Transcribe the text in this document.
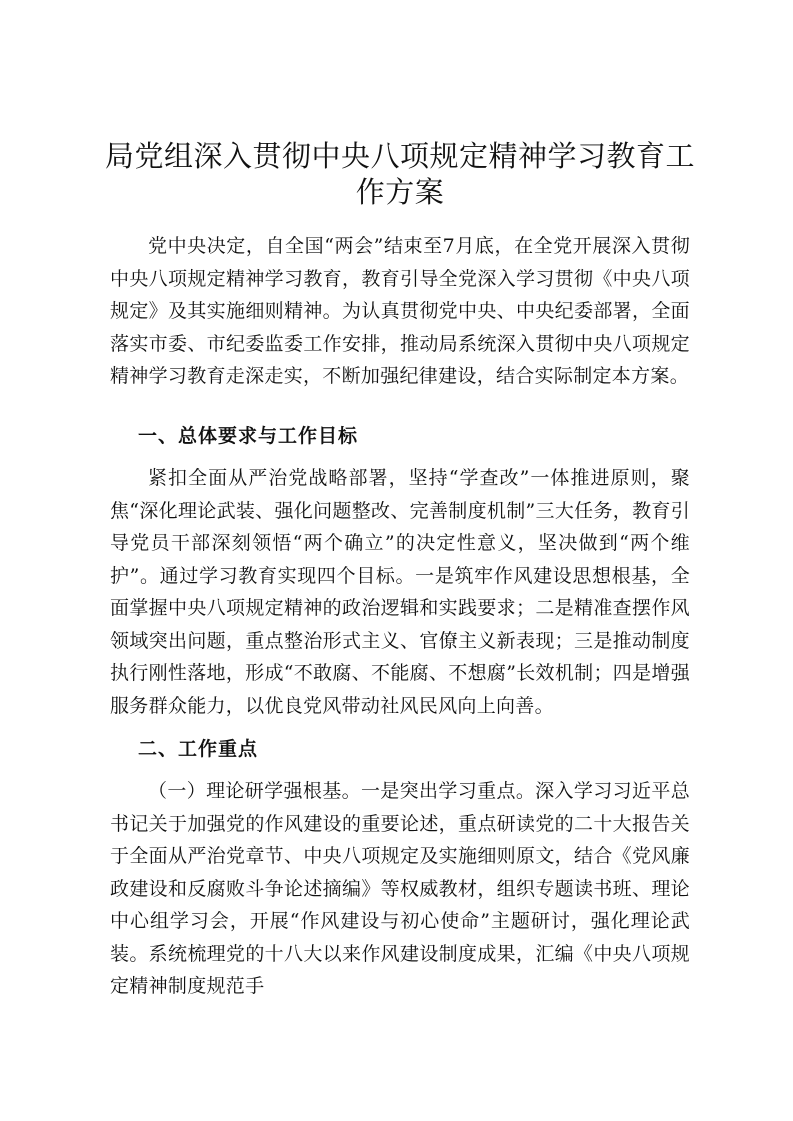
局党组深入贯彻中央八项规定精神学习教育工作方案

党中央决定，自全国“两会”结束至7月底，在全党开展深入贯彻中央八项规定精神学习教育，教育引导全党深入学习贯彻《中央八项规定》及其实施细则精神。为认真贯彻党中央、中央纪委部署，全面落实市委、市纪委监委工作安排，推动局系统深入贯彻中央八项规定精神学习教育走深走实，不断加强纪律建设，结合实际制定本方案。

一、总体要求与工作目标

紧扣全面从严治党战略部署，坚持“学查改”一体推进原则，聚焦“深化理论武装、强化问题整改、完善制度机制”三大任务，教育引导党员干部深刻领悟“两个确立”的决定性意义，坚决做到“两个维护”。通过学习教育实现四个目标。一是筑牢作风建设思想根基，全面掌握中央八项规定精神的政治逻辑和实践要求；二是精准查摆作风领域突出问题，重点整治形式主义、官僚主义新表现；三是推动制度执行刚性落地，形成“不敢腐、不能腐、不想腐”长效机制；四是增强服务群众能力，以优良党风带动社风民风向上向善。

二、工作重点

（一）理论研学强根基。一是突出学习重点。深入学习习近平总书记关于加强党的作风建设的重要论述，重点研读党的二十大报告关于全面从严治党章节、中央八项规定及实施细则原文，结合《党风廉政建设和反腐败斗争论述摘编》等权威教材，组织专题读书班、理论中心组学习会，开展“作风建设与初心使命”主题研讨，强化理论武装。系统梳理党的十八大以来作风建设制度成果，汇编《中央八项规定精神制度规范手
